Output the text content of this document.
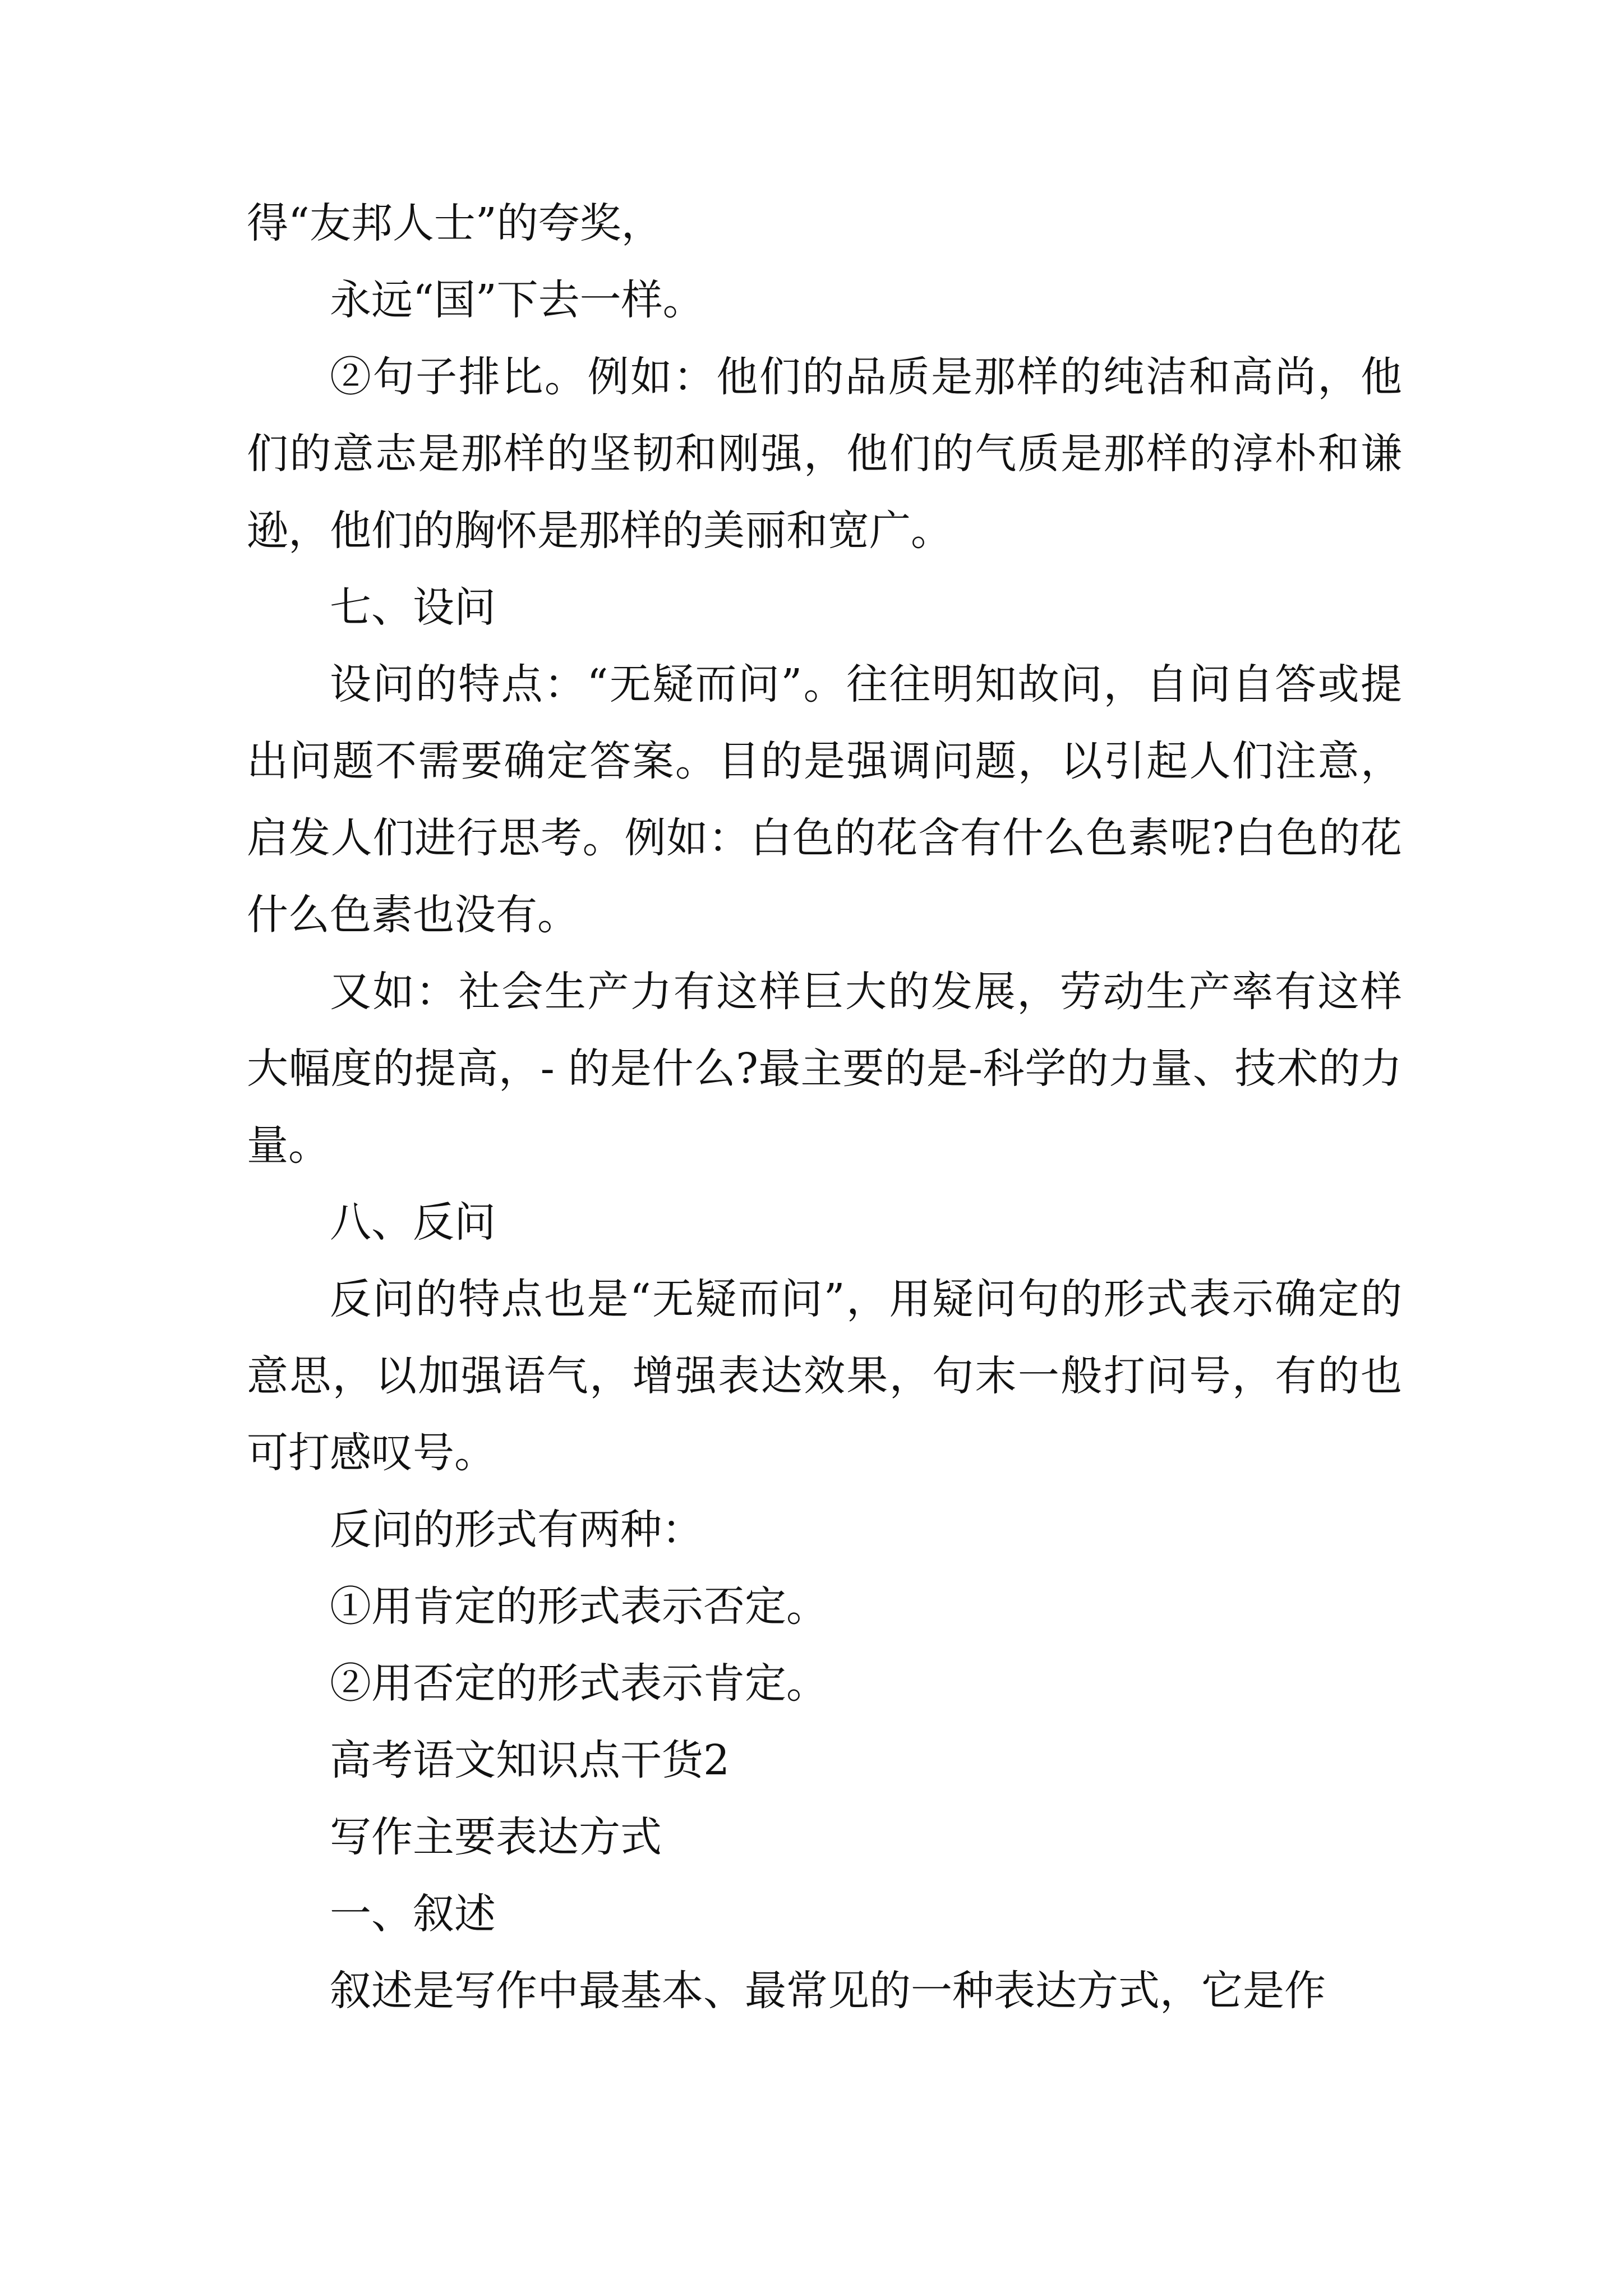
得“友邦人士”的夸奖，

永远“国”下去一样。

②句子排比。例如：他们的品质是那样的纯洁和高尚，他们的意志是那样的坚韧和刚强，他们的气质是那样的淳朴和谦逊，他们的胸怀是那样的美丽和宽广。

七、设问

设问的特点：“无疑而问”。往往明知故问，自问自答或提出问题不需要确定答案。目的是强调问题，以引起人们注意，启发人们进行思考。例如：白色的花含有什么色素呢?白色的花什么色素也没有。

又如：社会生产力有这样巨大的发展，劳动生产率有这样大幅度的提高，- 的是什么?最主要的是-科学的力量、技术的力量。

八、反问

反问的特点也是“无疑而问”，用疑问句的形式表示确定的意思，以加强语气，增强表达效果，句末一般打问号，有的也可打感叹号。

反问的形式有两种：

①用肯定的形式表示否定。

②用否定的形式表示肯定。

高考语文知识点干货2

写作主要表达方式

一、叙述

叙述是写作中最基本、最常见的一种表达方式，它是作
